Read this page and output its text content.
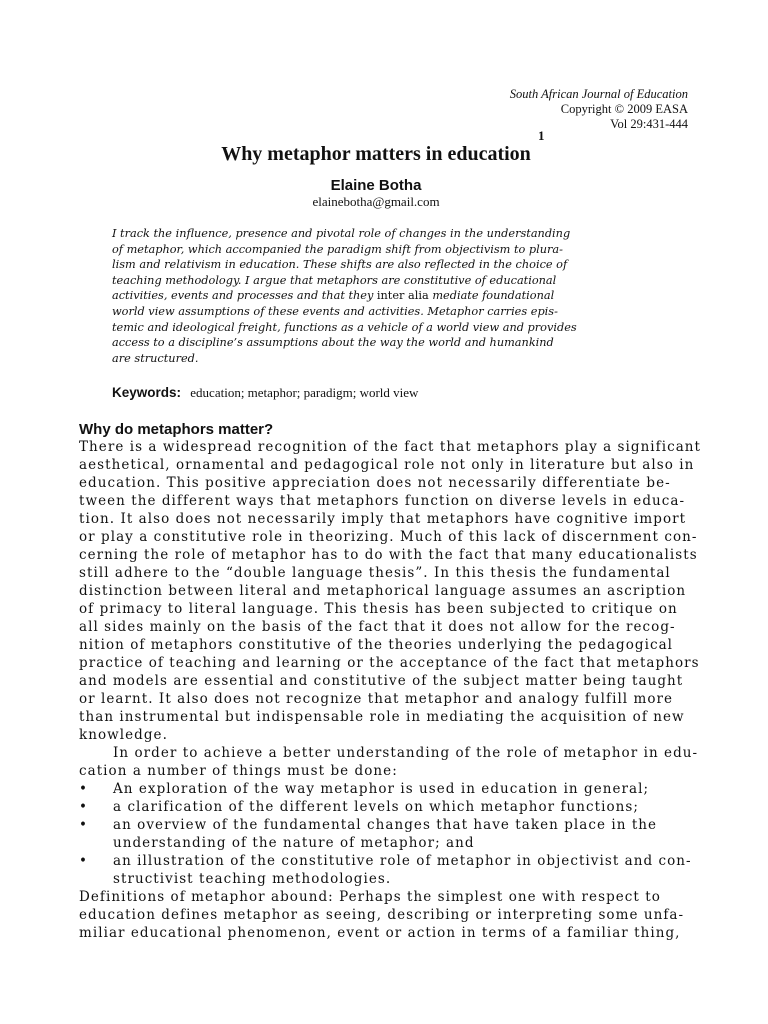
South African Journal of Education
Copyright © 2009 EASA
Vol 29:431-444
1
Why metaphor matters in education
Elaine Botha
elainebotha@gmail.com
I track the influence, presence and pivotal role of changes in the understanding
of metaphor, which accompanied the paradigm shift from objectivism to plura-
lism and relativism in education. These shifts are also reflected in the choice of
teaching methodology. I argue that metaphors are constitutive of educational
activities, events and processes and that they inter alia mediate foundational
world view assumptions of these events and activities. Metaphor carries epis-
temic and ideological freight, functions as a vehicle of a world view and provides
access to a discipline’s assumptions about the way the world and humankind
are structured.
Keywords: education; metaphor; paradigm; world view
Why do metaphors matter?
There is a widespread recognition of the fact that metaphors play a significant
aesthetical, ornamental and pedagogical role not only in literature but also in
education. This positive appreciation does not necessarily differentiate be-
tween the different ways that metaphors function on diverse levels in educa-
tion. It also does not necessarily imply that metaphors have cognitive import
or play a constitutive role in theorizing. Much of this lack of discernment con-
cerning the role of metaphor has to do with the fact that many educationalists
still adhere to the “double language thesis”. In this thesis the fundamental
distinction between literal and metaphorical language assumes an ascription
of primacy to literal language. This thesis has been subjected to critique on
all sides mainly on the basis of the fact that it does not allow for the recog-
nition of metaphors constitutive of the theories underlying the pedagogical
practice of teaching and learning or the acceptance of the fact that metaphors
and models are essential and constitutive of the subject matter being taught
or learnt. It also does not recognize that metaphor and analogy fulfill more
than instrumental but indispensable role in mediating the acquisition of new
knowledge.
In order to achieve a better understanding of the role of metaphor in edu-
cation a number of things must be done:
• An exploration of the way metaphor is used in education in general;
• a clarification of the different levels on which metaphor functions;
• an overview of the fundamental changes that have taken place in the
understanding of the nature of metaphor; and
• an illustration of the constitutive role of metaphor in objectivist and con-
structivist teaching methodologies.
Definitions of metaphor abound: Perhaps the simplest one with respect to
education defines metaphor as seeing, describing or interpreting some unfa-
miliar educational phenomenon, event or action in terms of a familiar thing,
